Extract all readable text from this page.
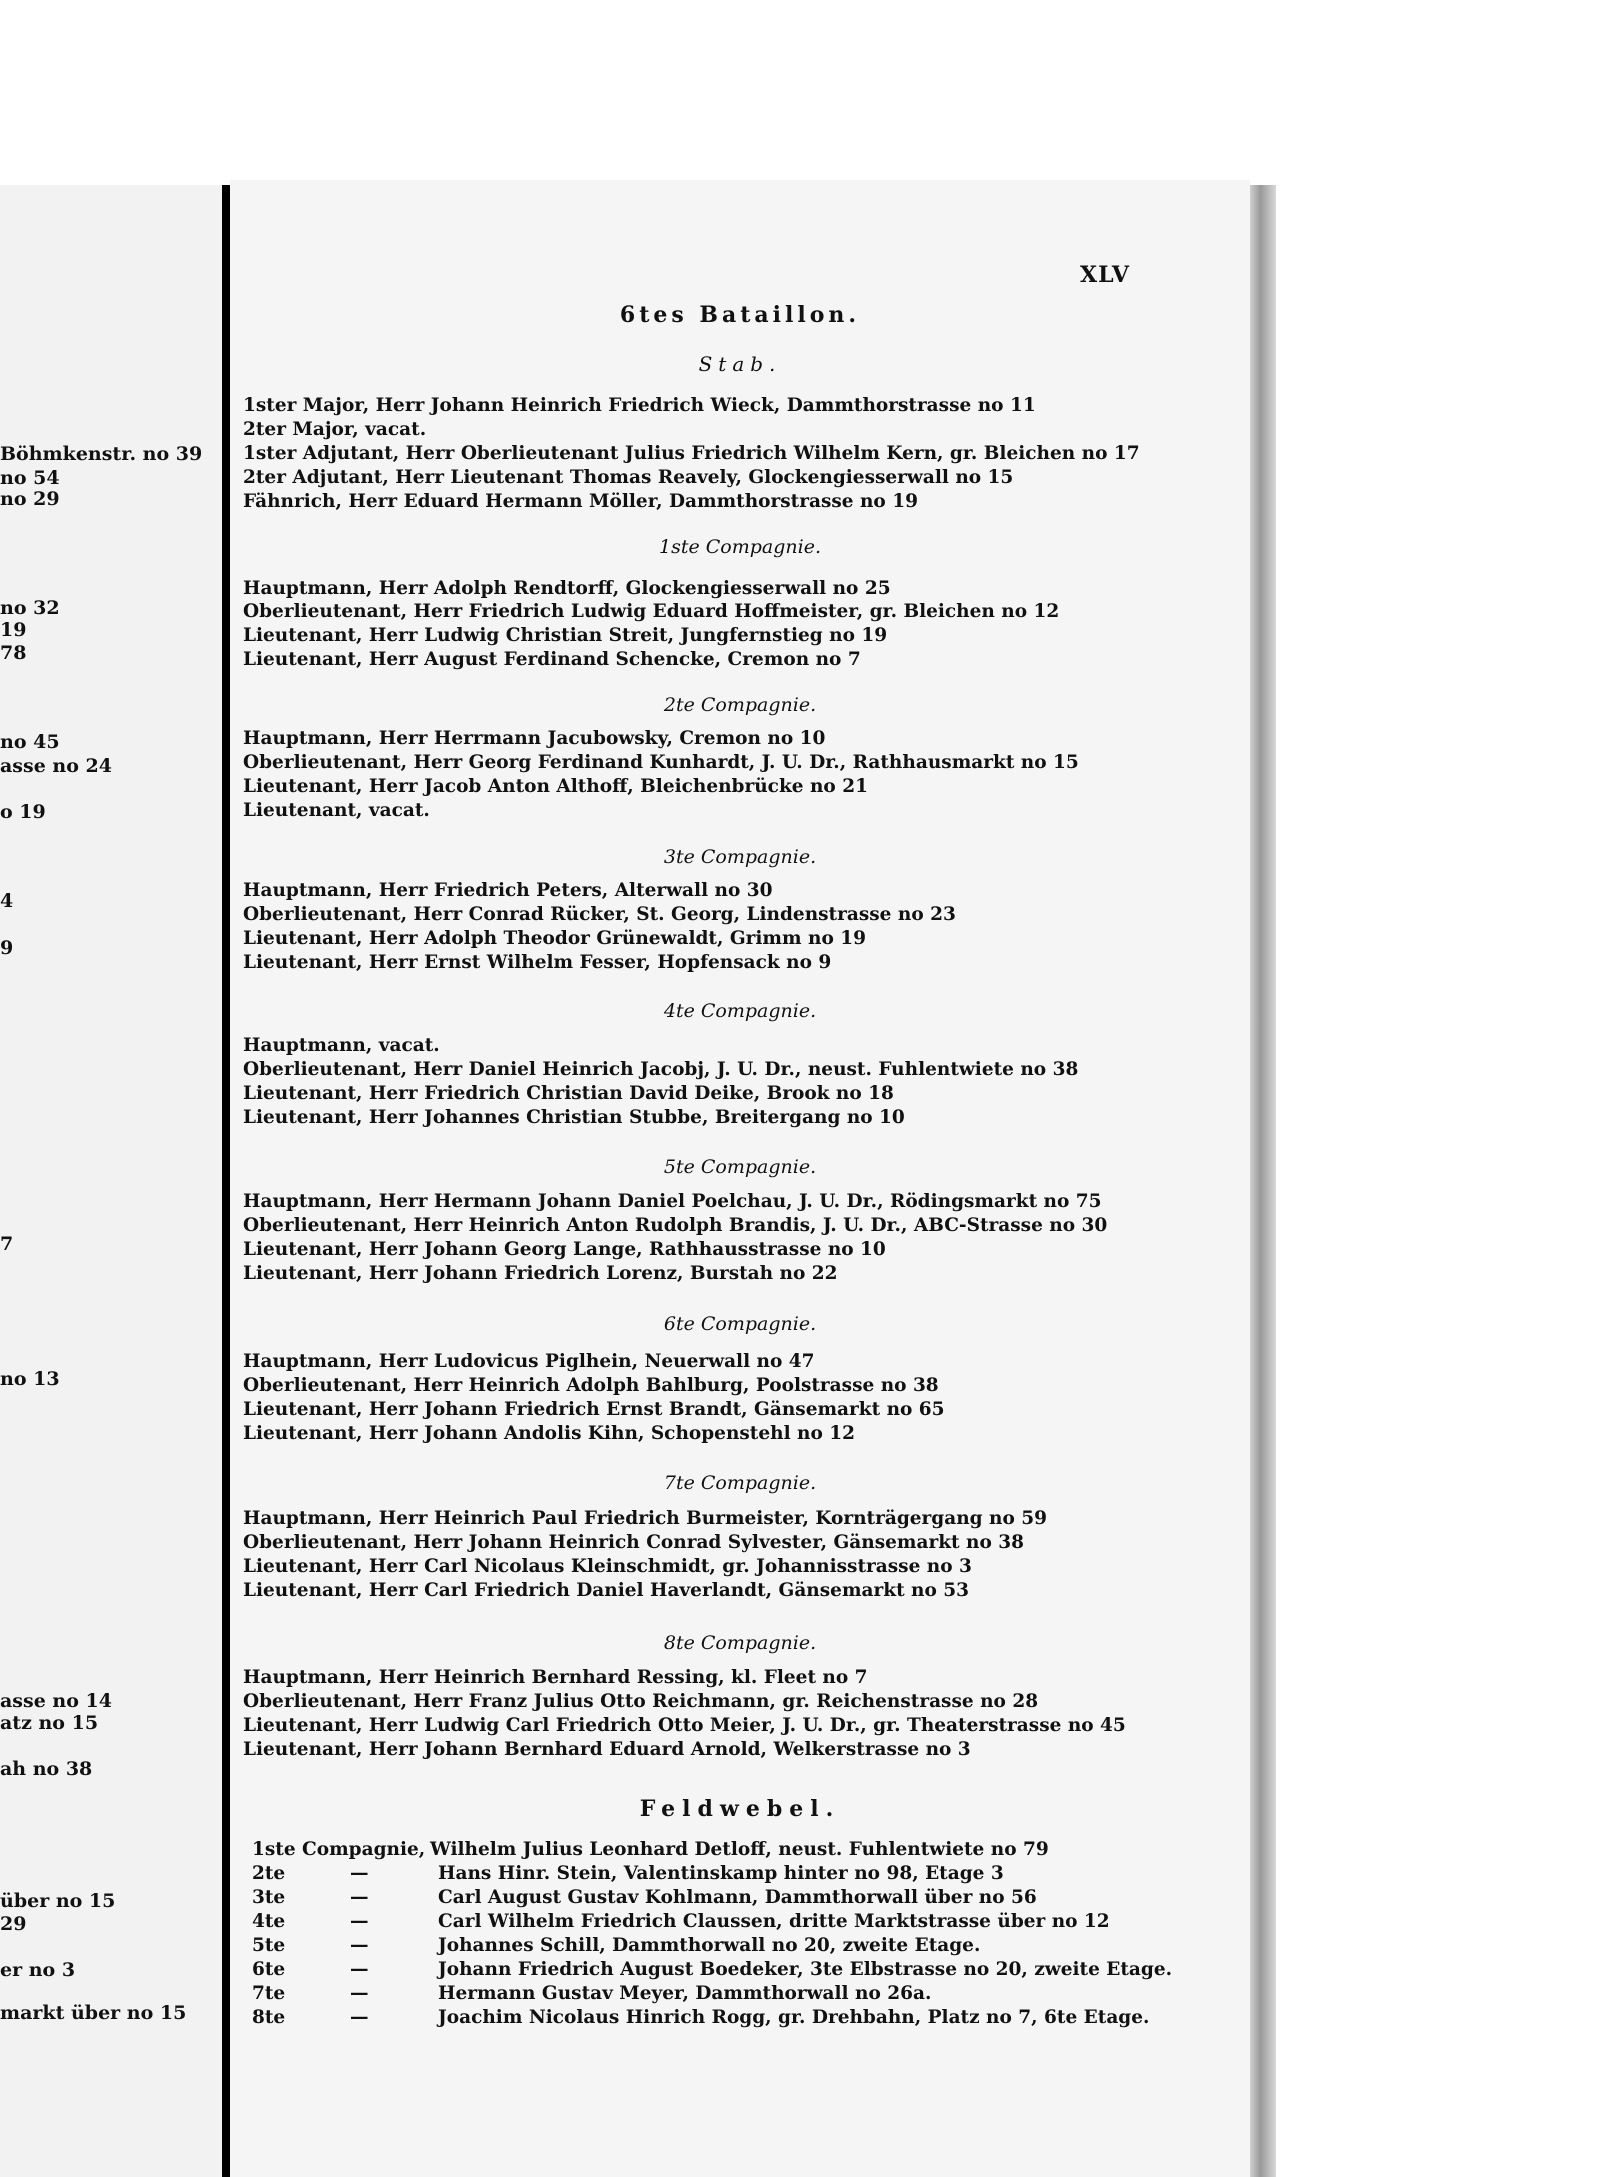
Böhmkenstr. no 39
no 54
no 29
no 32
19
78
no 45
asse no 24
o 19
4
9
7
no 13
asse no 14
atz no 15
ah no 38
über no 15
29
er no 3
markt über no 15
XLV
6tes Bataillon.
Stab.
1ster Major, Herr Johann Heinrich Friedrich Wieck, Dammthorstrasse no 11
2ter Major, vacat.
1ster Adjutant, Herr Oberlieutenant Julius Friedrich Wilhelm Kern, gr. Bleichen no 17
2ter Adjutant, Herr Lieutenant Thomas Reavely, Glockengiesserwall no 15
Fähnrich, Herr Eduard Hermann Möller, Dammthorstrasse no 19
1ste Compagnie.
Hauptmann, Herr Adolph Rendtorff, Glockengiesserwall no 25
Oberlieutenant, Herr Friedrich Ludwig Eduard Hoffmeister, gr. Bleichen no 12
Lieutenant, Herr Ludwig Christian Streit, Jungfernstieg no 19
Lieutenant, Herr August Ferdinand Schencke, Cremon no 7
2te Compagnie.
Hauptmann, Herr Herrmann Jacubowsky, Cremon no 10
Oberlieutenant, Herr Georg Ferdinand Kunhardt, J. U. Dr., Rathhausmarkt no 15
Lieutenant, Herr Jacob Anton Althoff, Bleichenbrücke no 21
Lieutenant, vacat.
3te Compagnie.
Hauptmann, Herr Friedrich Peters, Alterwall no 30
Oberlieutenant, Herr Conrad Rücker, St. Georg, Lindenstrasse no 23
Lieutenant, Herr Adolph Theodor Grünewaldt, Grimm no 19
Lieutenant, Herr Ernst Wilhelm Fesser, Hopfensack no 9
4te Compagnie.
Hauptmann, vacat.
Oberlieutenant, Herr Daniel Heinrich Jacobj, J. U. Dr., neust. Fuhlentwiete no 38
Lieutenant, Herr Friedrich Christian David Deike, Brook no 18
Lieutenant, Herr Johannes Christian Stubbe, Breitergang no 10
5te Compagnie.
Hauptmann, Herr Hermann Johann Daniel Poelchau, J. U. Dr., Rödingsmarkt no 75
Oberlieutenant, Herr Heinrich Anton Rudolph Brandis, J. U. Dr., ABC-Strasse no 30
Lieutenant, Herr Johann Georg Lange, Rathhausstrasse no 10
Lieutenant, Herr Johann Friedrich Lorenz, Burstah no 22
6te Compagnie.
Hauptmann, Herr Ludovicus Piglhein, Neuerwall no 47
Oberlieutenant, Herr Heinrich Adolph Bahlburg, Poolstrasse no 38
Lieutenant, Herr Johann Friedrich Ernst Brandt, Gänsemarkt no 65
Lieutenant, Herr Johann Andolis Kihn, Schopenstehl no 12
7te Compagnie.
Hauptmann, Herr Heinrich Paul Friedrich Burmeister, Kornträgergang no 59
Oberlieutenant, Herr Johann Heinrich Conrad Sylvester, Gänsemarkt no 38
Lieutenant, Herr Carl Nicolaus Kleinschmidt, gr. Johannisstrasse no 3
Lieutenant, Herr Carl Friedrich Daniel Haverlandt, Gänsemarkt no 53
8te Compagnie.
Hauptmann, Herr Heinrich Bernhard Ressing, kl. Fleet no 7
Oberlieutenant, Herr Franz Julius Otto Reichmann, gr. Reichenstrasse no 28
Lieutenant, Herr Ludwig Carl Friedrich Otto Meier, J. U. Dr., gr. Theaterstrasse no 45
Lieutenant, Herr Johann Bernhard Eduard Arnold, Welkerstrasse no 3
Feldwebel.
1ste Compagnie, Wilhelm Julius Leonhard Detloff, neust. Fuhlentwiete no 79
2te	—	Hans Hinr. Stein, Valentinskamp hinter no 98, Etage 3
3te	—	Carl August Gustav Kohlmann, Dammthorwall über no 56
4te	—	Carl Wilhelm Friedrich Claussen, dritte Marktstrasse über no 12
5te	—	Johannes Schill, Dammthorwall no 20, zweite Etage.
6te	—	Johann Friedrich August Boedeker, 3te Elbstrasse no 20, zweite Etage.
7te	—	Hermann Gustav Meyer, Dammthorwall no 26a.
8te	—	Joachim Nicolaus Hinrich Rogg, gr. Drehbahn, Platz no 7, 6te Etage.
